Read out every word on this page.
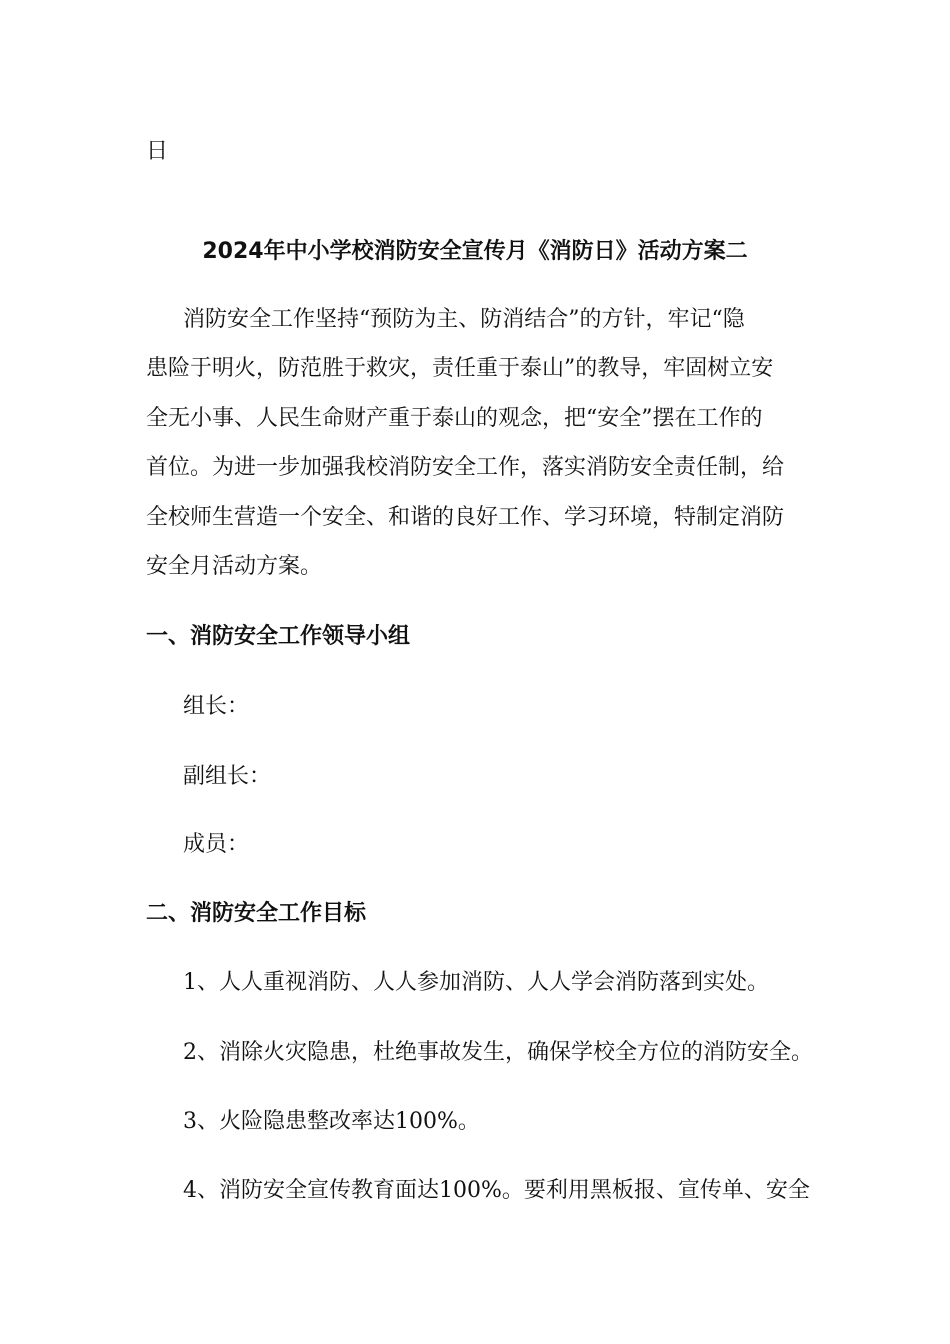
日
2024年中小学校消防安全宣传月《消防日》活动方案二
消防安全工作坚持“预防为主、防消结合”的方针，牢记“隐
患险于明火，防范胜于救灾，责任重于泰山”的教导，牢固树立安
全无小事、人民生命财产重于泰山的观念，把“安全”摆在工作的
首位。为进一步加强我校消防安全工作，落实消防安全责任制，给
全校师生营造一个安全、和谐的良好工作、学习环境，特制定消防
安全月活动方案。
一、消防安全工作领导小组
组长：
副组长：
成员：
二、消防安全工作目标
1、人人重视消防、人人参加消防、人人学会消防落到实处。
2、消除火灾隐患，杜绝事故发生，确保学校全方位的消防安全。
3、火险隐患整改率达100%。
4、消防安全宣传教育面达100%。要利用黑板报、宣传单、安全
